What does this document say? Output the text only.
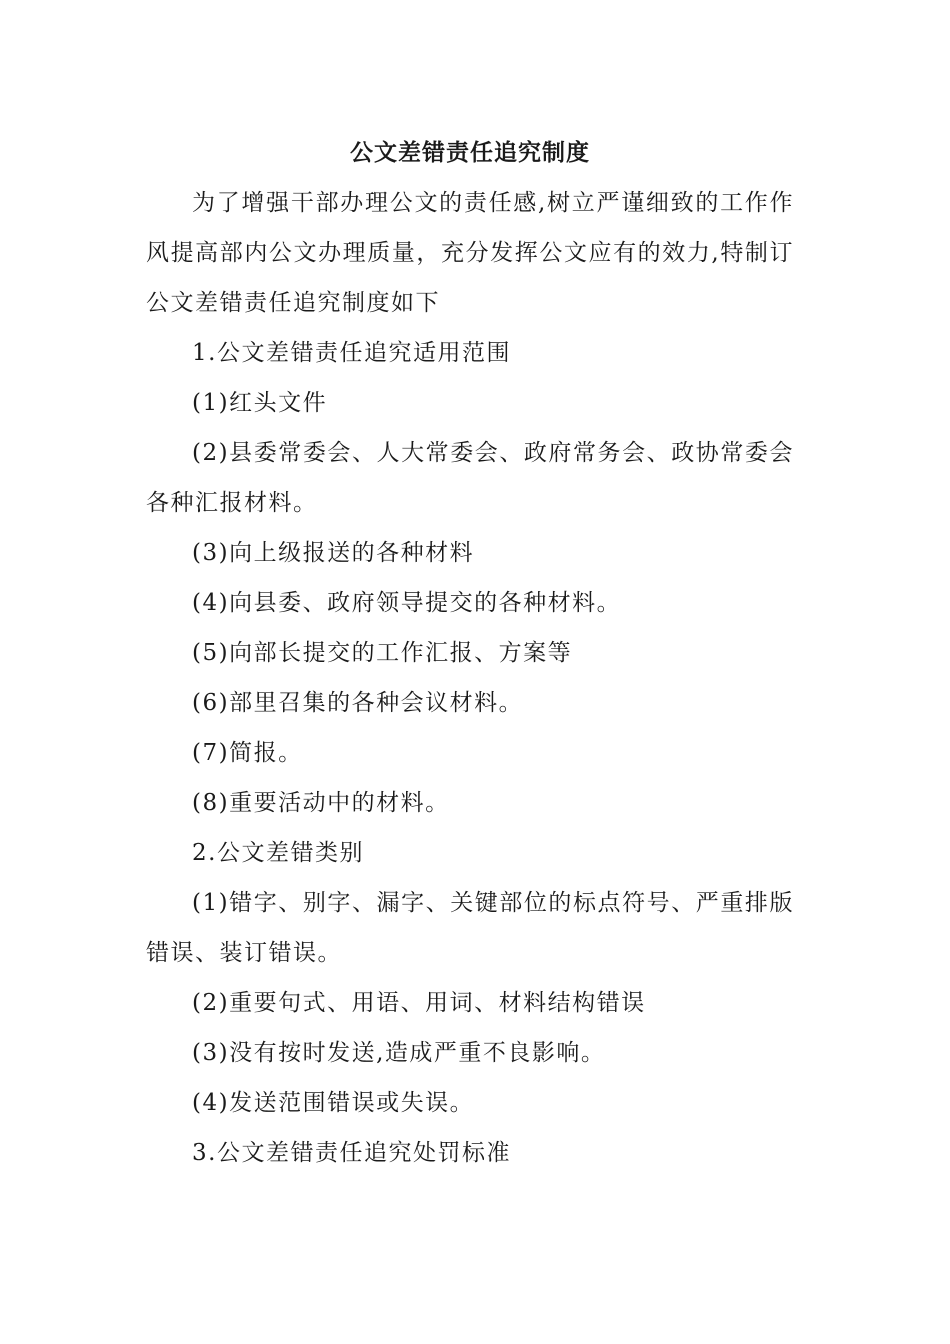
公文差错责任追究制度

为了增强干部办理公文的责任感,树立严谨细致的工作作风提高部内公文办理质量，充分发挥公文应有的效力,特制订公文差错责任追究制度如下

1.公文差错责任追究适用范围

(1)红头文件

(2)县委常委会、人大常委会、政府常务会、政协常委会各种汇报材料。

(3)向上级报送的各种材料

(4)向县委、政府领导提交的各种材料。

(5)向部长提交的工作汇报、方案等

(6)部里召集的各种会议材料。

(7)简报。

(8)重要活动中的材料。

2.公文差错类别

(1)错字、别字、漏字、关键部位的标点符号、严重排版错误、装订错误。

(2)重要句式、用语、用词、材料结构错误

(3)没有按时发送,造成严重不良影响。

(4)发送范围错误或失误。

3.公文差错责任追究处罚标准
